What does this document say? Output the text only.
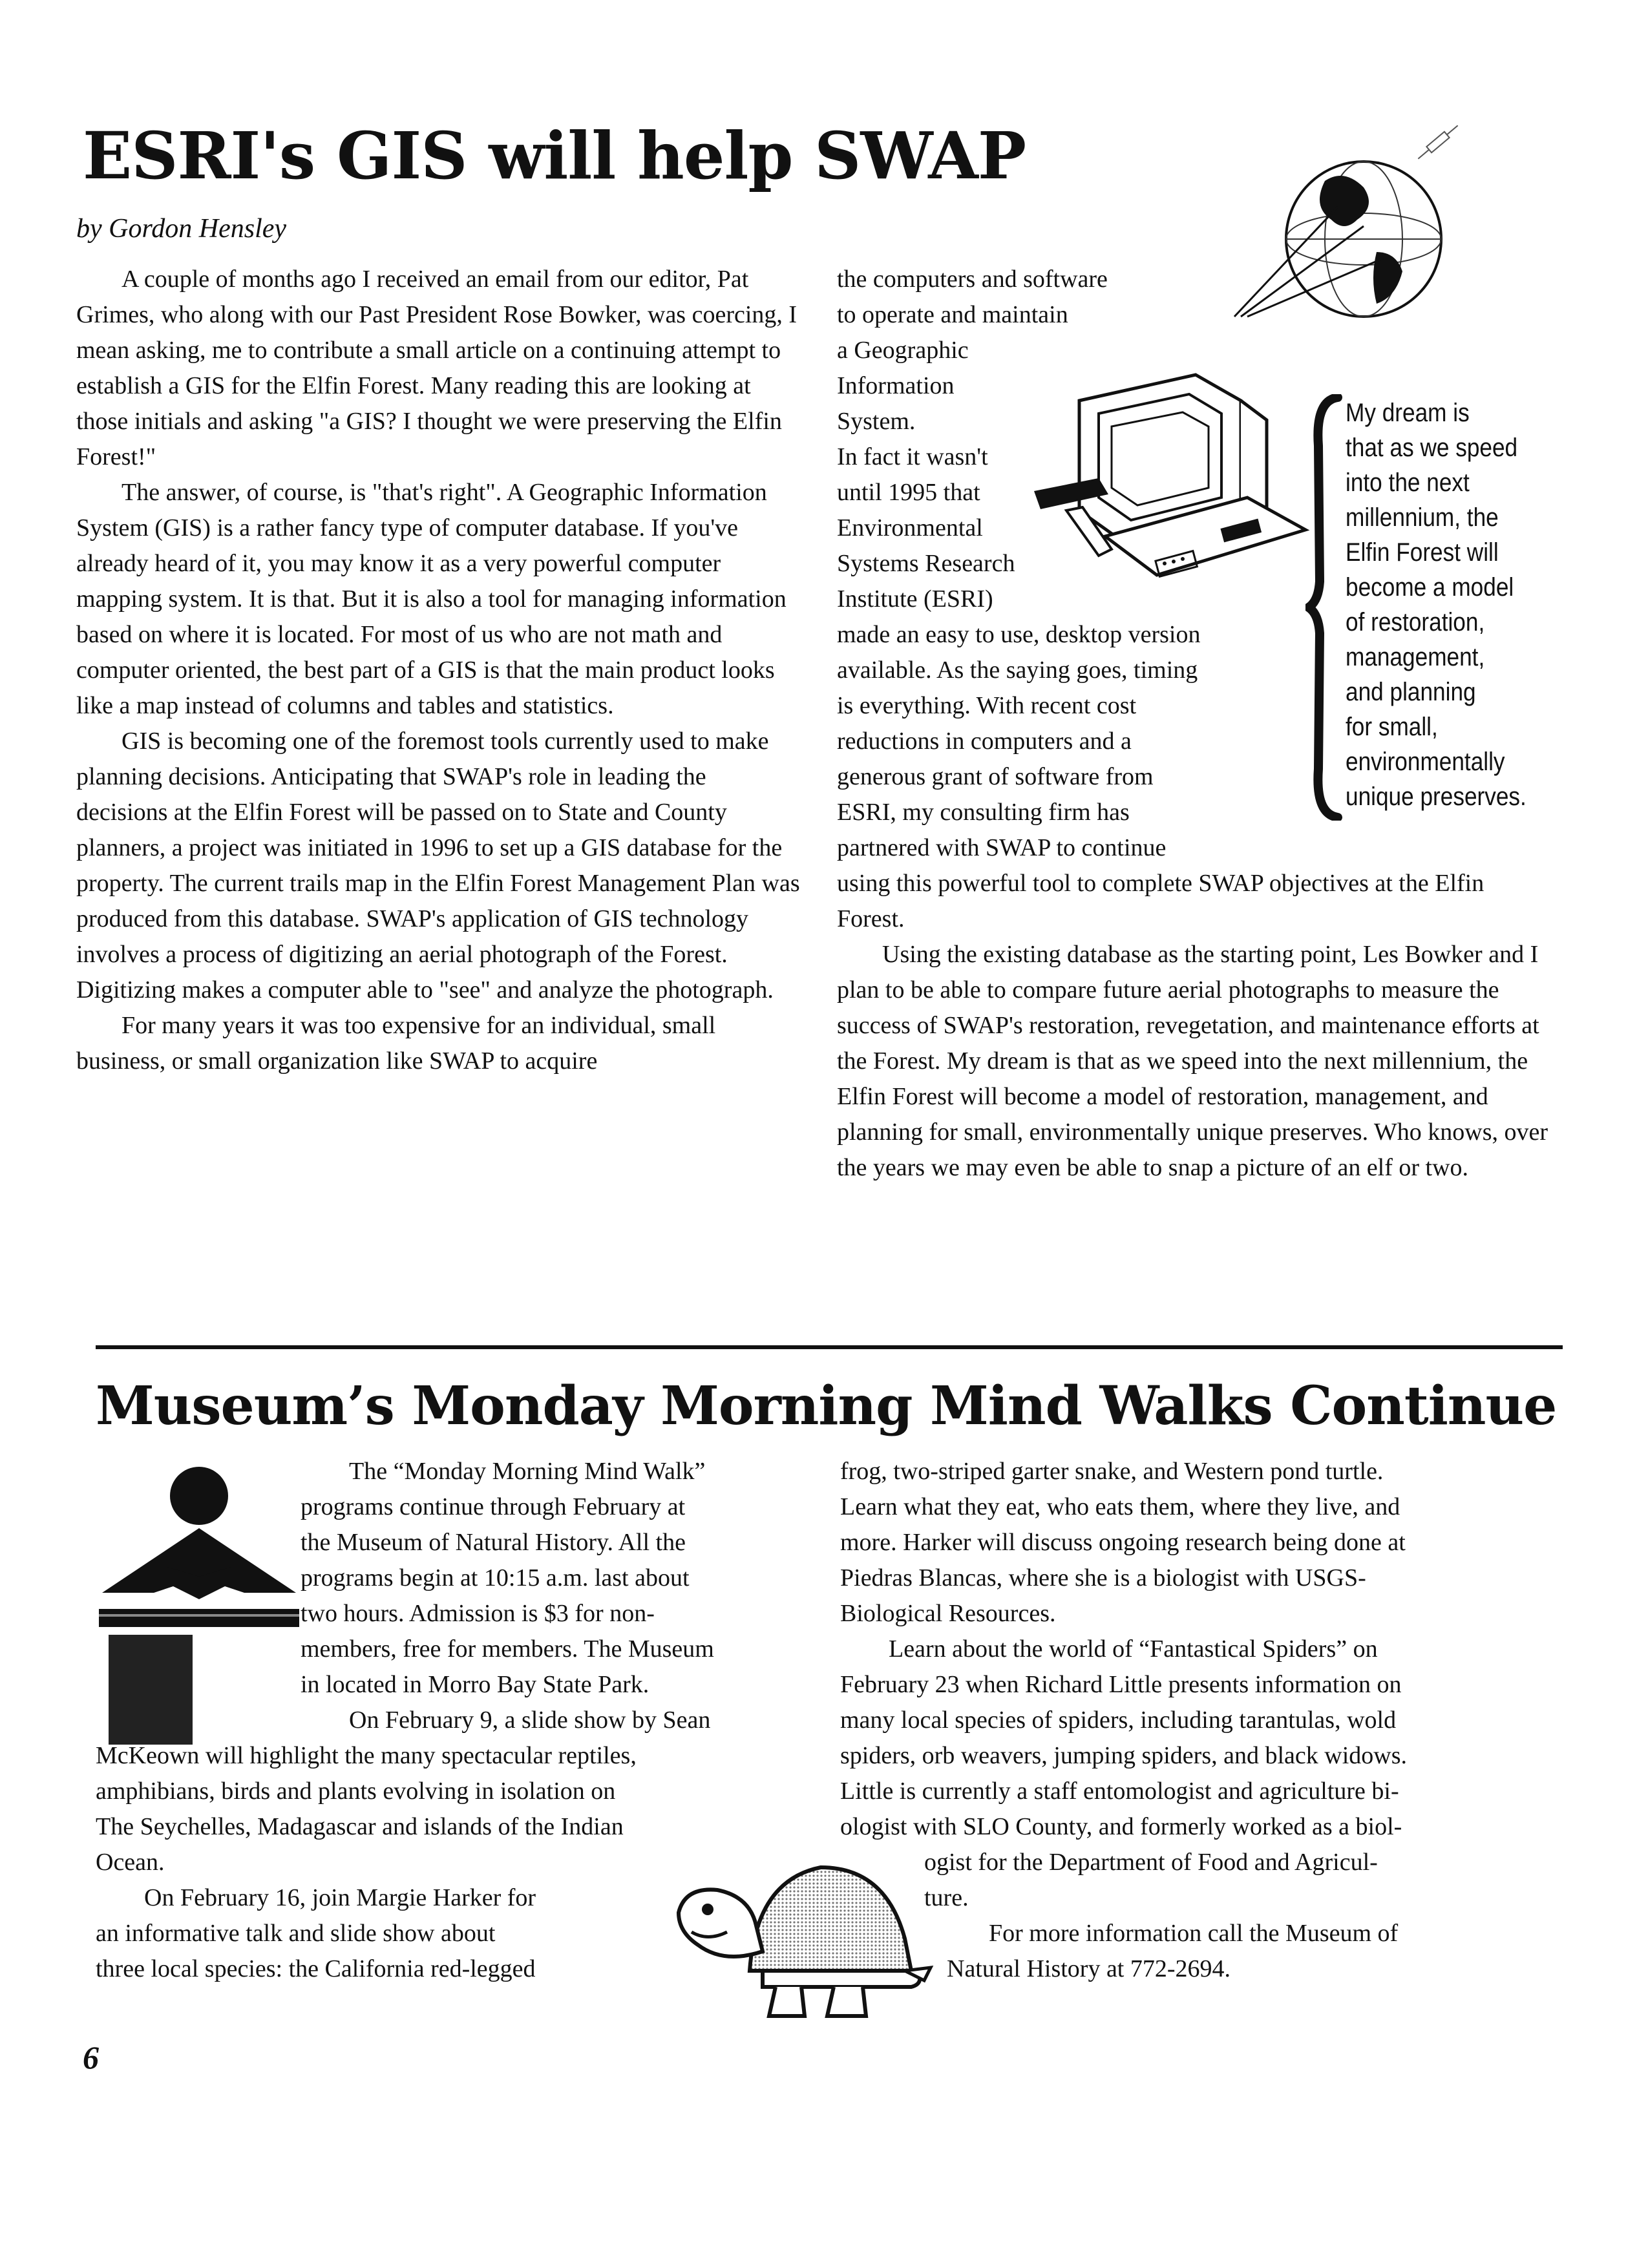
ESRI's GIS will help SWAP
by Gordon Hensley

A couple of months ago I received an email from our editor, Pat Grimes, who along with our Past President Rose Bowker, was coercing, I mean asking, me to contribute a small article on a continuing attempt to establish a GIS for the Elfin Forest. Many reading this are looking at those initials and asking "a GIS? I thought we were preserving the Elfin Forest!"

The answer, of course, is "that's right". A Geographic Information System (GIS) is a rather fancy type of computer database. If you've already heard of it, you may know it as a very powerful computer mapping system. It is that. But it is also a tool for managing information based on where it is located. For most of us who are not math and computer oriented, the best part of a GIS is that the main product looks like a map instead of columns and tables and statistics.

GIS is becoming one of the foremost tools currently used to make planning decisions. Anticipating that SWAP's role in leading the decisions at the Elfin Forest will be passed on to State and County planners, a project was initiated in 1996 to set up a GIS database for the property. The current trails map in the Elfin Forest Management Plan was produced from this database. SWAP's application of GIS technology involves a process of digitizing an aerial photograph of the Forest. Digitizing makes a computer able to "see" and analyze the photograph.

For many years it was too expensive for an individual, small business, or small organization like SWAP to acquire

the computers and software
to operate and maintain
a Geographic
Information
System.
In fact it wasn't
until 1995 that
Environmental
Systems Research
Institute (ESRI)
made an easy to use, desktop version
available. As the saying goes, timing
is everything. With recent cost
reductions in computers and a
generous grant of software from
ESRI, my consulting firm has
partnered with SWAP to continue

using this powerful tool to complete SWAP objectives at the Elfin Forest.

Using the existing database as the starting point, Les Bowker and I plan to be able to compare future aerial photographs to measure the success of SWAP's restoration, revegetation, and maintenance efforts at the Forest. My dream is that as we speed into the next millennium, the Elfin Forest will become a model of restoration, management, and planning for small, environmentally unique preserves. Who knows, over the years we may even be able to snap a picture of an elf or two.

My dream is
that as we speed
into the next
millennium, the
Elfin Forest will
become a model
of restoration,
management,
and planning
for small,
environmentally
unique preserves.
Museum’s Monday Morning Mind Walks Continue
The “Monday Morning Mind Walk”
programs continue through February at
the Museum of Natural History. All the
programs begin at 10:15 a.m. last about
two hours. Admission is $3 for non-
members, free for members. The Museum
in located in Morro Bay State Park.
On February 9, a slide show by Sean
McKeown will highlight the many spectacular reptiles,
amphibians, birds and plants evolving in isolation on
The Seychelles, Madagascar and islands of the Indian
Ocean.
On February 16, join Margie Harker for
an informative talk and slide show about
three local species: the California red-legged
frog, two-striped garter snake, and Western pond turtle.
Learn what they eat, who eats them, where they live, and
more. Harker will discuss ongoing research being done at
Piedras Blancas, where she is a biologist with USGS-
Biological Resources.
Learn about the world of “Fantastical Spiders” on
February 23 when Richard Little presents information on
many local species of spiders, including tarantulas, wold
spiders, orb weavers, jumping spiders, and black widows.
Little is currently a staff entomologist and agriculture bi-
ologist with SLO County, and formerly worked as a biol-
ogist for the Department of Food and Agricul-
ture.
For more information call the Museum of
Natural History at 772-2694.
6
